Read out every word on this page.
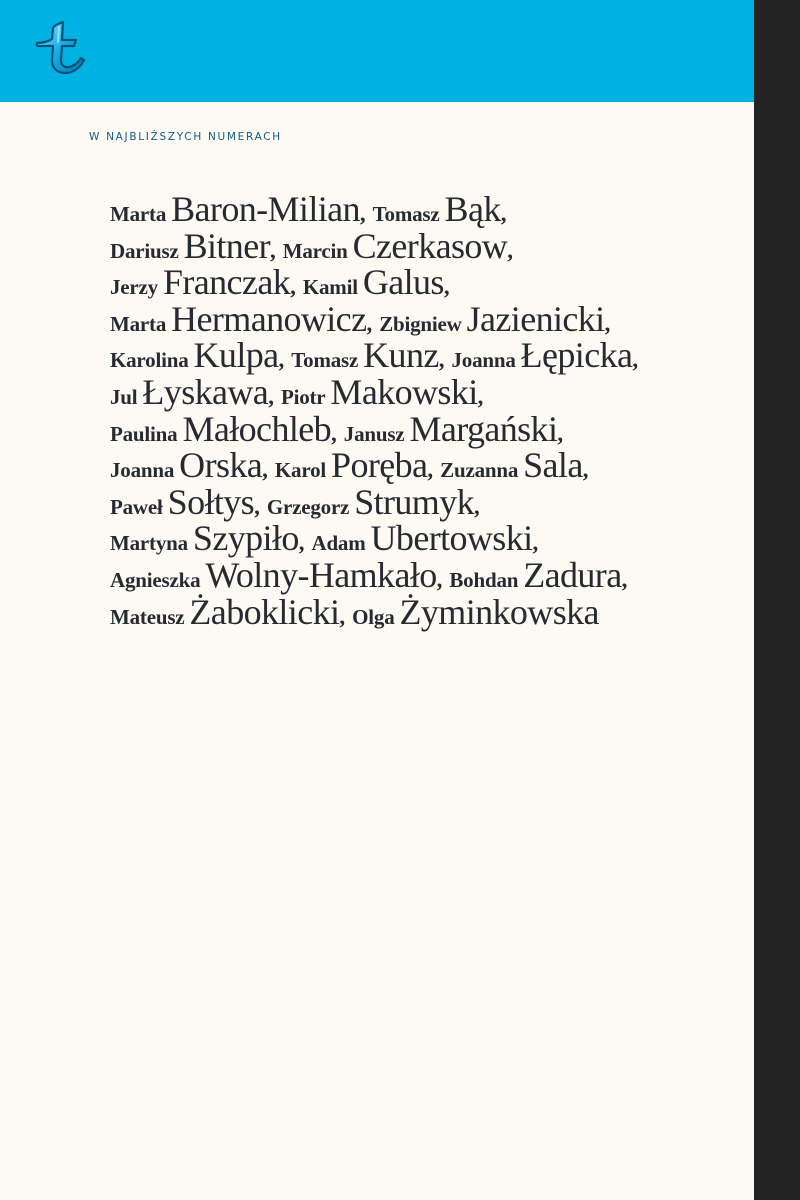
W NAJBLIŻSZYCH NUMERACH
Marta Baron-Milian , Tomasz Bąk ,
Dariusz Bitner , Marcin Czerkasow ,
Jerzy Franczak , Kamil Galus ,
Marta Hermanowicz , Zbigniew Jazienicki ,
Karolina Kulpa , Tomasz Kunz , Joanna Łępicka ,
Jul Łyskawa , Piotr Makowski ,
Paulina Małochleb , Janusz Margański ,
Joanna Orska , Karol Poręba , Zuzanna Sala ,
Paweł Sołtys , Grzegorz Strumyk ,
Martyna Szypiło , Adam Ubertowski ,
Agnieszka Wolny-Hamkało , Bohdan Zadura ,
Mateusz Żaboklicki , Olga Żyminkowska
